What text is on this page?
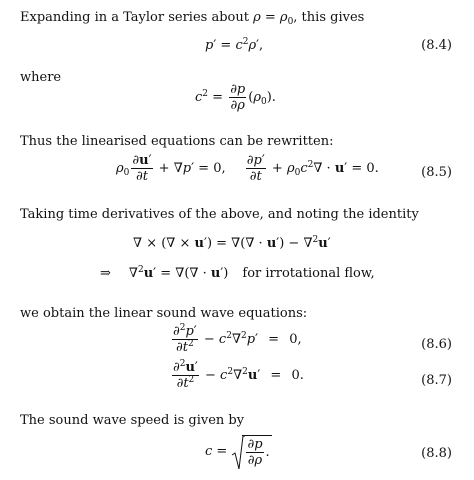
Expanding in a Taylor series about $\rho = \rho_0$, this gives
$p' = c^2\rho'$,	(8.4)
where
$c^2 = \frac{\partial p}{\partial\rho} (\rho_0)$.
Thus the linearised equations can be rewritten:
$\rho_0 \frac{\partial u'}{\partial t} + \nabla p' = 0$, $\frac{\partial p'}{\partial t} + \rho_0c^2\nabla \cdot u' = 0$.	(8.5)
Taking time derivatives of the above, and noting the identity
∇ × (∇ × u′) = ∇(∇ · u′) − ∇$^2$u′
⇒ ∇$^2$u′ = ∇(∇ · u′) for irrotational flow,
we obtain the linear sound wave equations:
$\frac{\partial^2p'}{\partial t^2} - c^2\nabla^2p' = 0$,	(8.6)
$\frac{\partial^2u'}{\partial t^2} - c^2\nabla^2u' = 0$.	(8.7)
The sound wave speed is given by
$c = \frac{\partial p}{\partial\rho}$ .	(8.8)
